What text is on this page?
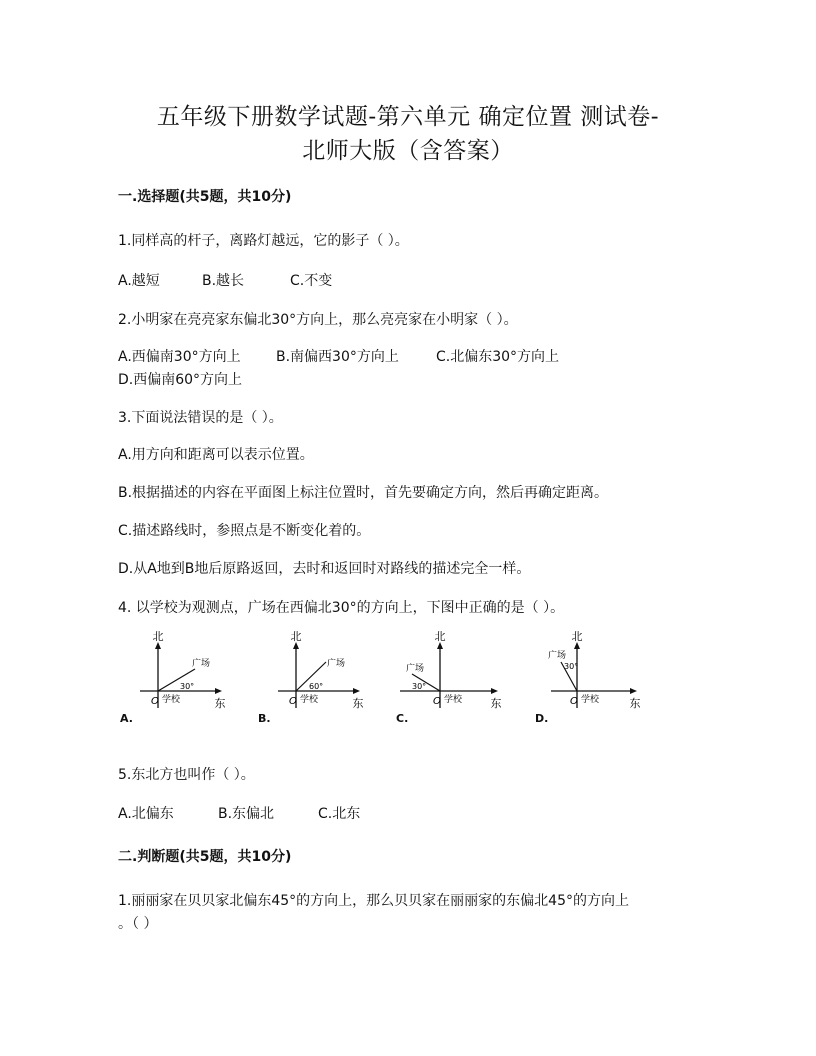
五年级下册数学试题-第六单元 确定位置 测试卷-
北师大版（含答案）
一.选择题(共5题，共10分)
1.同样高的杆子，离路灯越远，它的影子（ ）。
A.越短	B.越长	C.不变
2.小明家在亮亮家东偏北30°方向上，那么亮亮家在小明家（ ）。
A.西偏南30°方向上	B.南偏西30°方向上	C.北偏东30°方向上
D.西偏南60°方向上
3.下面说法错误的是（ ）。
A.用方向和距离可以表示位置。
B.根据描述的内容在平面图上标注位置时，首先要确定方向，然后再确定距离。
C.描述路线时，参照点是不断变化着的。
D.从A地到B地后原路返回，去时和返回时对路线的描述完全一样。
4. 以学校为观测点，广场在西偏北30°的方向上，下图中正确的是（ ）。
北
东
O 学校
广场
30°
A.
北
东
O 学校
广场
60°
B.
北
东
O 学校
广场
30°
C.
北
东
O 学校
广场
30°
D.
5.东北方也叫作（ ）。
A.北偏东	B.东偏北	C.北东
二.判断题(共5题，共10分)
1.丽丽家在贝贝家北偏东45°的方向上，那么贝贝家在丽丽家的东偏北45°的方向上
。（ ）
